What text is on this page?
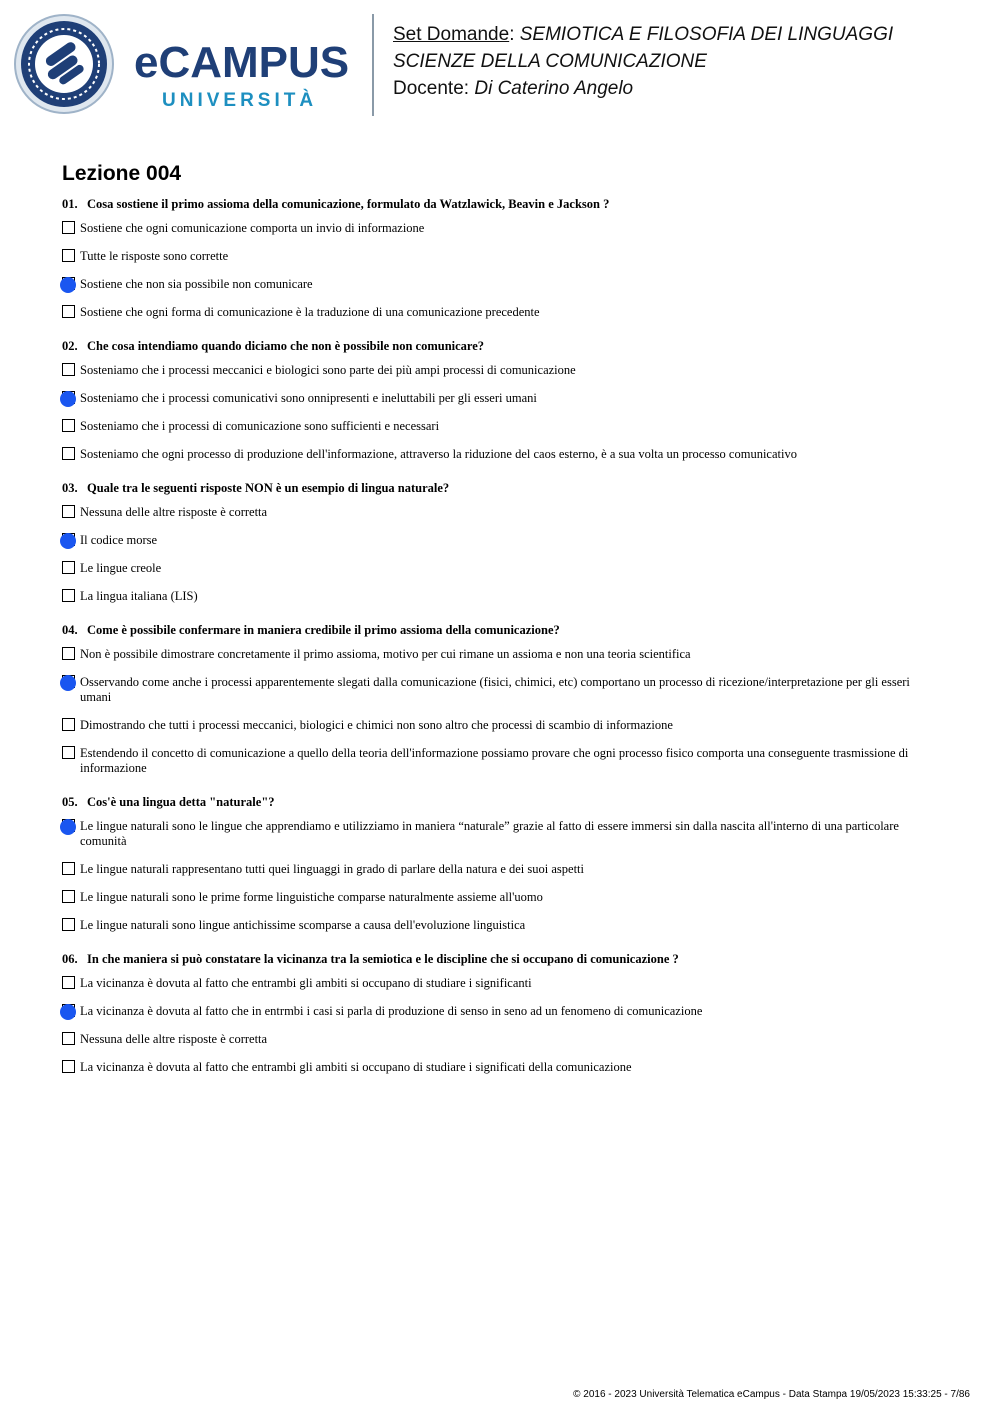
eCAMPUS
UNIVERSITÀ
Set Domande: SEMIOTICA E FILOSOFIA DEI LINGUAGGI
SCIENZE DELLA COMUNICAZIONE
Docente: Di Caterino Angelo
Lezione 004
01. Cosa sostiene il primo assioma della comunicazione, formulato da Watzlawick, Beavin e Jackson ?
Sostiene che ogni comunicazione comporta un invio di informazione
Tutte le risposte sono corrette
Sostiene che non sia possibile non comunicare
Sostiene che ogni forma di comunicazione è la traduzione di una comunicazione precedente
02. Che cosa intendiamo quando diciamo che non è possibile non comunicare?
Sosteniamo che i processi meccanici e biologici sono parte dei più ampi processi di comunicazione
Sosteniamo che i processi comunicativi sono onnipresenti e ineluttabili per gli esseri umani
Sosteniamo che i processi di comunicazione sono sufficienti e necessari
Sosteniamo che ogni processo di produzione dell'informazione, attraverso la riduzione del caos esterno, è a sua volta un processo comunicativo
03. Quale tra le seguenti risposte NON è un esempio di lingua naturale?
Nessuna delle altre risposte è corretta
Il codice morse
Le lingue creole
La lingua italiana (LIS)
04. Come è possibile confermare in maniera credibile il primo assioma della comunicazione?
Non è possibile dimostrare concretamente il primo assioma, motivo per cui rimane un assioma e non una teoria scientifica
Osservando come anche i processi apparentemente slegati dalla comunicazione (fisici, chimici, etc) comportano un processo di ricezione/interpretazione per gli esseri umani
Dimostrando che tutti i processi meccanici, biologici e chimici non sono altro che processi di scambio di informazione
Estendendo il concetto di comunicazione a quello della teoria dell'informazione possiamo provare che ogni processo fisico comporta una conseguente trasmissione di informazione
05. Cos'è una lingua detta "naturale"?
Le lingue naturali sono le lingue che apprendiamo e utilizziamo in maniera “naturale” grazie al fatto di essere immersi sin dalla nascita all'interno di una particolare comunità
Le lingue naturali rappresentano tutti quei linguaggi in grado di parlare della natura e dei suoi aspetti
Le lingue naturali sono le prime forme linguistiche comparse naturalmente assieme all'uomo
Le lingue naturali sono lingue antichissime scomparse a causa dell'evoluzione linguistica
06. In che maniera si può constatare la vicinanza tra la semiotica e le discipline che si occupano di comunicazione ?
La vicinanza è dovuta al fatto che entrambi gli ambiti si occupano di studiare i significanti
La vicinanza è dovuta al fatto che in entrmbi i casi si parla di produzione di senso in seno ad un fenomeno di comunicazione
Nessuna delle altre risposte è corretta
La vicinanza è dovuta al fatto che entrambi gli ambiti si occupano di studiare i significati della comunicazione
© 2016 - 2023 Università Telematica eCampus - Data Stampa 19/05/2023 15:33:25 - 7/86
